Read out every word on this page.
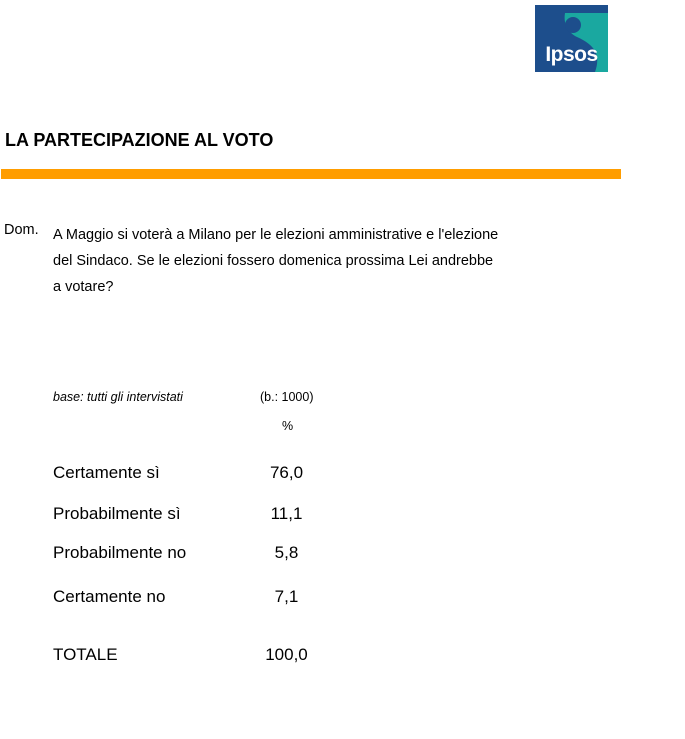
Ipsos
LA PARTECIPAZIONE AL VOTO
Dom. A Maggio si voterà a Milano per le elezioni amministrative e l'elezione
del Sindaco. Se le elezioni fossero domenica prossima Lei andrebbe
a votare?
base: tutti gli intervistati	(b.: 1000)
%
Certamente sì	76,0
Probabilmente sì	11,1
Probabilmente no	5,8
Certamente no	7,1
TOTALE	100,0
